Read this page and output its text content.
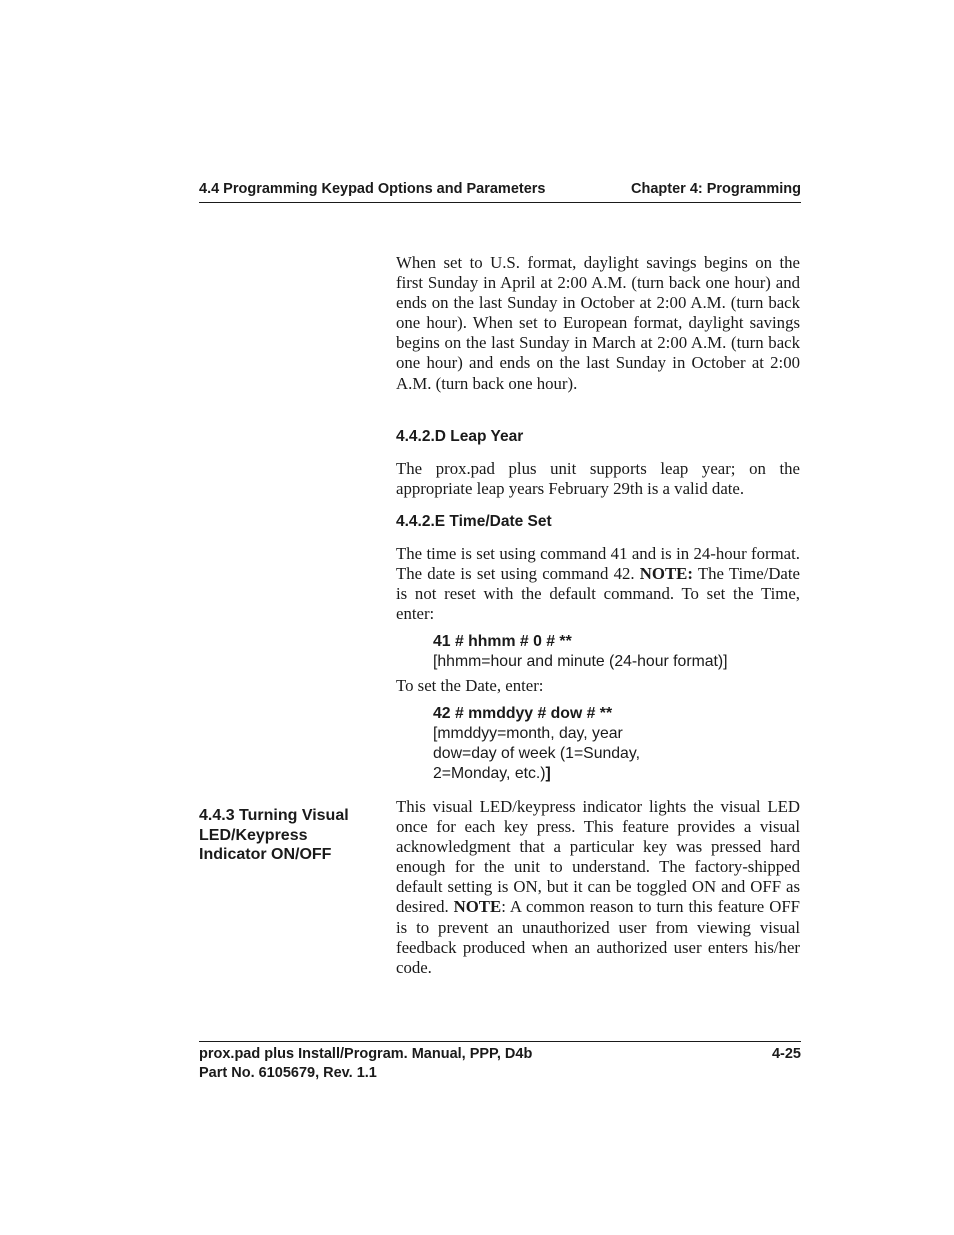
4.4 Programming Keypad Options and Parameters	Chapter 4: Programming

When set to U.S. format, daylight savings begins on the first Sunday in April at 2:00 A.M. (turn back one hour) and ends on the last Sunday in October at 2:00 A.M. (turn back one hour). When set to European format, daylight savings begins on the last Sunday in March at 2:00 A.M. (turn back one hour) and ends on the last Sunday in October at 2:00 A.M. (turn back one hour).

4.4.2.D Leap Year

The prox.pad plus unit supports leap year; on the appropriate leap years February 29th is a valid date.

4.4.2.E Time/Date Set

The time is set using command 41 and is in 24-hour format. The date is set using command 42. NOTE: The Time/Date is not reset with the default command. To set the Time, enter:

41 # hhmm # 0 # **
[hhmm=hour and minute (24-hour format)]

To set the Date, enter:

42 # mmddyy # dow # **
[mmddyy=month, day, year
dow=day of week (1=Sunday,
2=Monday, etc.)]
4.4.3 Turning Visual
LED/Keypress
Indicator ON/OFF

This visual LED/keypress indicator lights the visual LED once for each key press. This feature provides a visual acknowledgment that a particular key was pressed hard enough for the unit to understand. The factory-shipped default setting is ON, but it can be toggled ON and OFF as desired. NOTE: A common reason to turn this feature OFF is to prevent an unauthorized user from viewing visual feedback produced when an authorized user enters his/her code.

prox.pad plus Install/Program. Manual, PPP, D4b
Part No. 6105679, Rev. 1.1
4-25
